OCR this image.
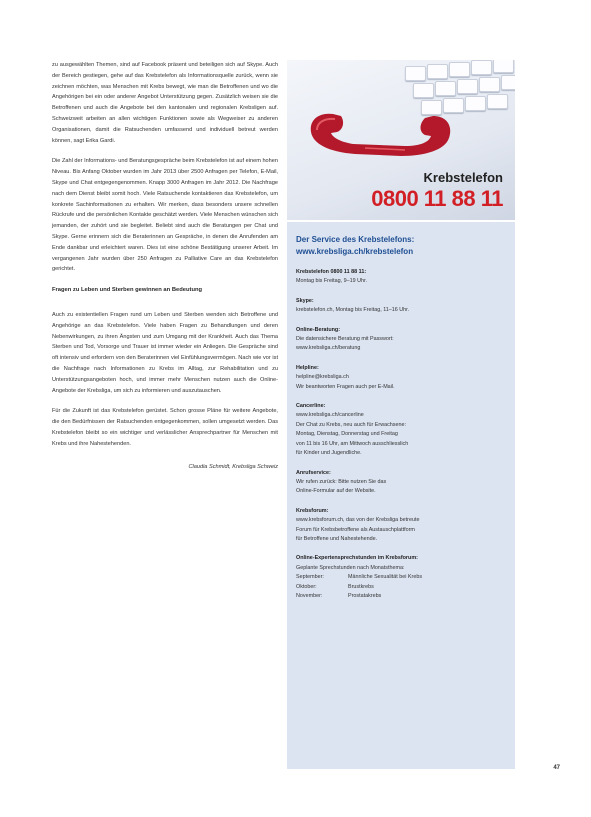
zu ausgewählten Themen, sind auf Facebook präsent und beteiligen sich auf Skype. Auch der Bereich gestiegen, gehe auf das Krebstelefon als Informationsquelle zurück, wenn sie zeichnen möchten, was Menschen mit Krebs bewegt, wie man die Betroffenen und wo die Angehörigen bei ein oder anderer Angebot Unterstützung gegen. Zusätzlich weisen sie die Betroffenen und auch die Angebote bei den kantonalen und regionalen Krebsligen auf. Schweizweit arbeiten an allen wichtigen Funktionen sowie als Wegweiser zu anderen Organisationen, damit die Ratsuchenden umfassend und individuell betreut werden können, sagt Erika Gardi.

Die Zahl der Informations- und Beratungsgespräche beim Krebstelefon ist auf einem hohen Niveau. Bis Anfang Oktober wurden im Jahr 2013 über 2500 Anfragen per Telefon, E-Mail, Skype und Chat entgegengenommen. Knapp 3000 Anfragen im Jahr 2012. Die Nachfrage nach dem Dienst bleibt somit hoch. Viele Ratsuchende kontaktieren das Krebstelefon, um konkrete Sachinformationen zu erhalten. Wir merken, dass besonders unsere schnellen Rückrufe und die persönlichen Kontakte geschätzt werden. Viele Menschen wünschen sich jemanden, der zuhört und sie begleitet. Beliebt sind auch die Beratungen per Chat und Skype. Gerne erinnern sich die Beraterinnen an Gespräche, in denen die Anrufenden am Ende dankbar und erleichtert waren. Dies ist eine schöne Bestätigung unserer Arbeit. Im vergangenen Jahr wurden über 250 Anfragen zu Palliative Care an das Krebstelefon gerichtet.

Fragen zu Leben und Sterben gewinnen an Bedeutung

Auch zu existentiellen Fragen rund um Leben und Sterben wenden sich Betroffene und Angehörige an das Krebstelefon. Viele haben Fragen zu Behandlungen und deren Nebenwirkungen, zu ihren Ängsten und zum Umgang mit der Krankheit. Auch das Thema Sterben und Tod, Vorsorge und Trauer ist immer wieder ein Anliegen. Die Gespräche sind oft intensiv und erfordern von den Beraterinnen viel Einfühlungsvermögen. Nach wie vor ist die Nachfrage nach Informationen zu Krebs im Alltag, zur Rehabilitation und zu Unterstützungsangeboten hoch, und immer mehr Menschen nutzen auch die Online-Angebote der Krebsliga, um sich zu informieren und auszutauschen.

Für die Zukunft ist das Krebstelefon gerüstet. Schon grosse Pläne für weitere Angebote, die den Bedürfnissen der Ratsuchenden entgegenkommen, sollen umgesetzt werden. Das Krebstelefon bleibt so ein wichtiger und verlässlicher Ansprechpartner für Menschen mit Krebs und ihre Nahestehenden.

Claudia Schmidt, Krebsliga Schweiz
Krebstelefon
0800 11 88 11
Der Service des Krebstelefons:
www.krebsliga.ch/krebstelefon
Krebstelefon 0800 11 88 11:
Montag bis Freitag, 9–19 Uhr.
Skype:
krebstelefon.ch, Montag bis Freitag, 11–16 Uhr.
Online-Beratung:
Die datensichere Beratung mit Passwort:
www.krebsliga.ch/beratung
Helpline:
helpline@krebsliga.ch
Wir beantworten Fragen auch per E-Mail.
Cancerline:
www.krebsliga.ch/cancerline
Der Chat zu Krebs, neu auch für Erwachsene:
Montag, Dienstag, Donnerstag und Freitag
von 11 bis 16 Uhr, am Mittwoch ausschliesslich
für Kinder und Jugendliche.
Anrufservice:
Wir rufen zurück: Bitte nutzen Sie das
Online-Formular auf der Website.
Krebsforum:
www.krebsforum.ch, das von der Krebsliga betreute
Forum für Krebsbetroffene als Austauschplattform
für Betroffene und Nahestehende.
Online-Expertensprechstunden im Krebsforum:
Geplante Sprechstunden nach Monatsthema:
September:	Männliche Sexualität bei Krebs
Oktober:	Brustkrebs
November:	Prostatakrebs
47
